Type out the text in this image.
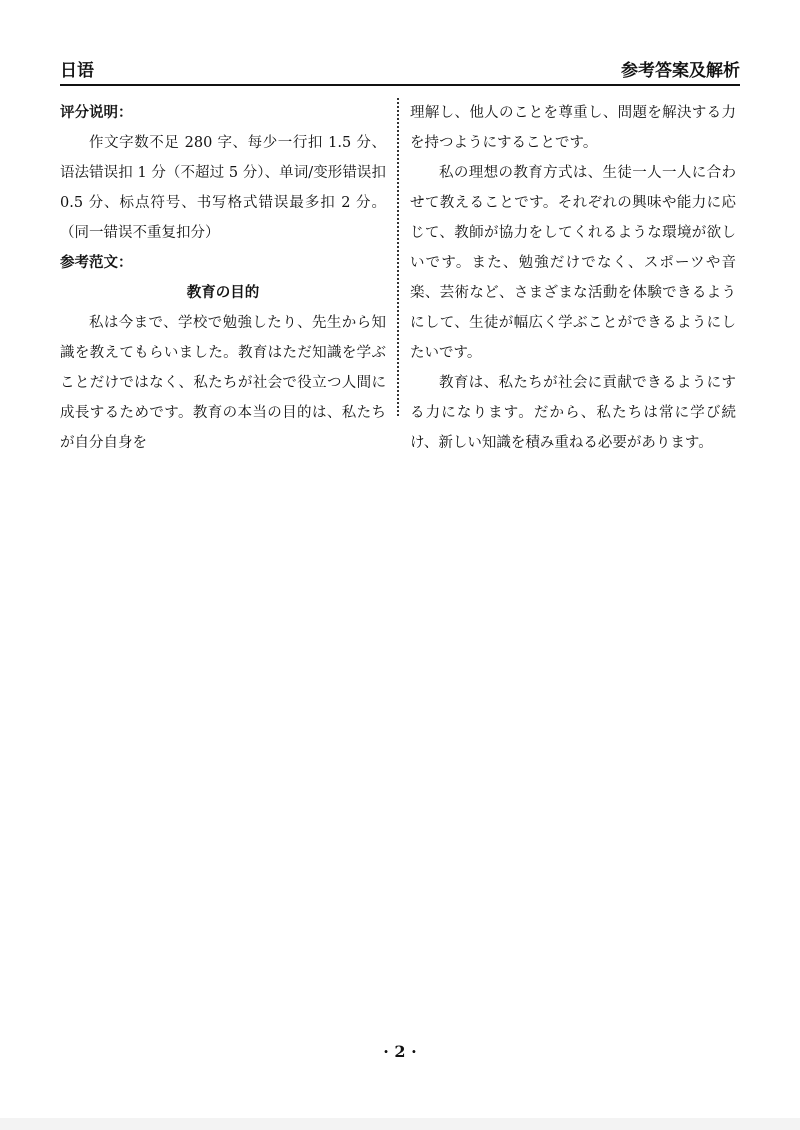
日语	参考答案及解析
评分说明：

作文字数不足 280 字、每少一行扣 1.5 分、语法错误扣 1 分（不超过 5 分）、单词/变形错误扣 0.5 分、标点符号、书写格式错误最多扣 2 分。（同一错误不重复扣分）

参考范文：

教育の目的

私は今まで、学校で勉強したり、先生から知識を教えてもらいました。教育はただ知識を学ぶことだけではなく、私たちが社会で役立つ人間に成長するためです。教育の本当の目的は、私たちが自分自身を

理解し、他人のことを尊重し、問題を解決する力を持つようにすることです。

私の理想の教育方式は、生徒一人一人に合わせて教えることです。それぞれの興味や能力に応じて、教師が協力をしてくれるような環境が欲しいです。また、勉強だけでなく、スポーツや音楽、芸術など、さまざまな活動を体験できるようにして、生徒が幅広く学ぶことができるようにしたいです。

教育は、私たちが社会に貢献できるようにする力になります。だから、私たちは常に学び続け、新しい知識を積み重ねる必要があります。

· 2 ·
